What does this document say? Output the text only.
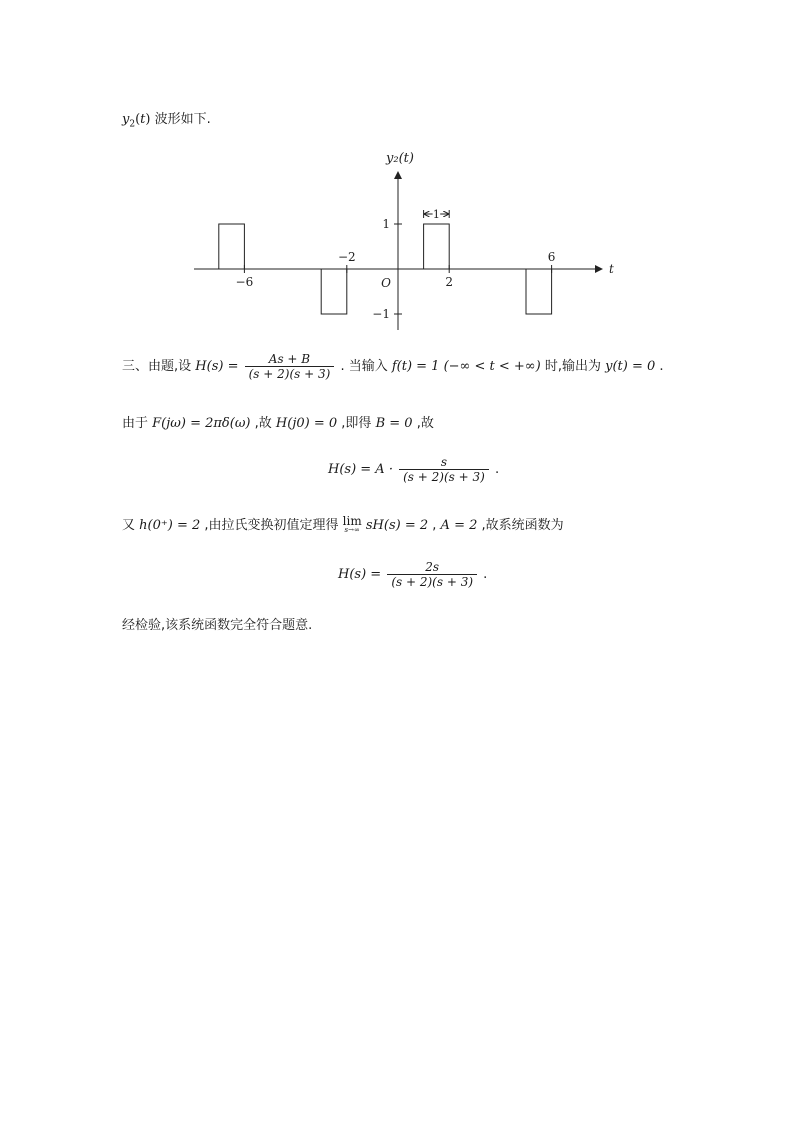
$y_2(t)$ 波形如下.
−6
−2
2
6
1
−1
O
t
y₂(t)
1
三、由题,设 $H(s) = \frac{As + B}{(s + 2)(s + 3)}$ . 当输入 f(t) = 1 (−∞ < t < +∞) 时,输出为 y(t) = 0 .
由于 F(jω) = 2πδ(ω) ,故 H(j0) = 0 ,即得 B = 0 ,故
$H(s) = A \cdot \frac{s}{(s + 2)(s + 3)}$ .
又 h(0⁺) = 2 ,由拉氏变换初值定理得 lim
s→∞ sH(s) = 2 , A = 2 ,故系统函数为
$H(s) = \frac{2s}{(s + 2)(s + 3)}$ .
经检验,该系统函数完全符合题意.
